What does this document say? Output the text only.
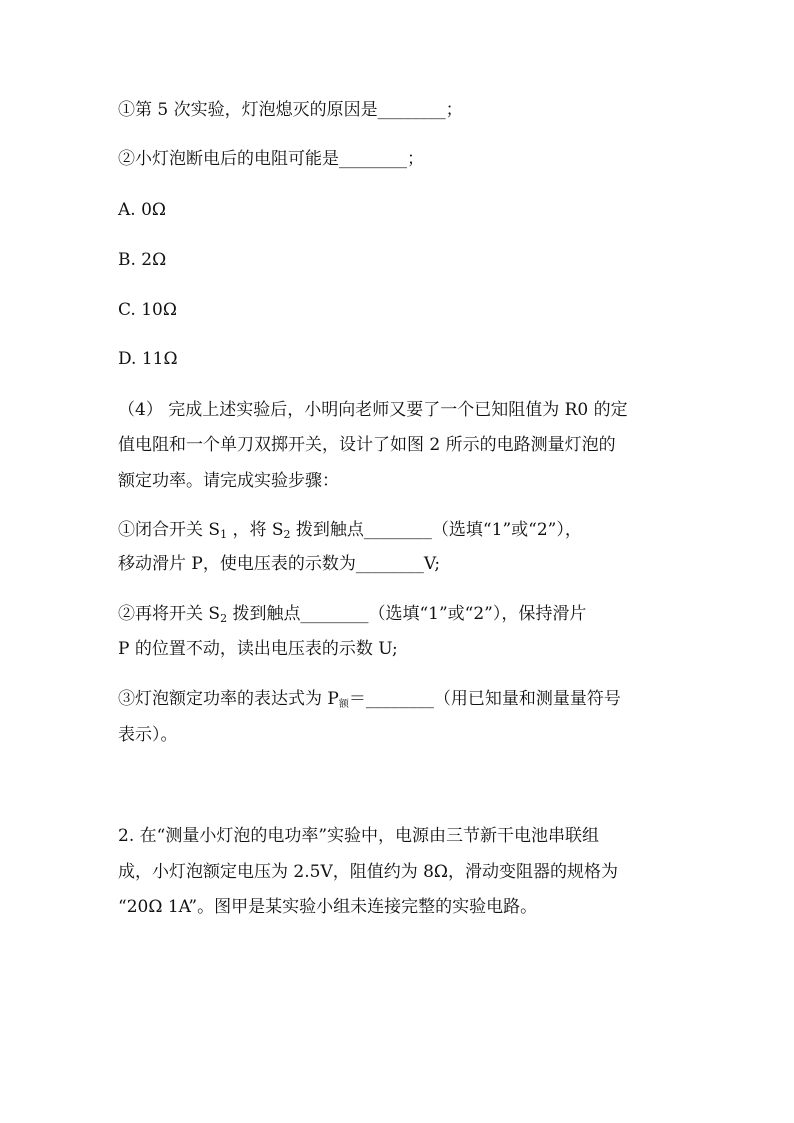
①第 5 次实验，灯泡熄灭的原因是________；

②小灯泡断电后的电阻可能是________；

A. 0Ω

B. 2Ω

C. 10Ω

D. 11Ω

（4） 完成上述实验后，小明向老师又要了一个已知阻值为 R0 的定

值电阻和一个单刀双掷开关，设计了如图 2 所示的电路测量灯泡的

额定功率。请完成实验步骤：

①闭合开关 $S_1$ ，将 $S_2$ 拨到触点________（选填“1”或“2”），

移动滑片 P，使电压表的示数为________V;

②再将开关 $S_2$ 拨到触点________（选填“1”或“2”），保持滑片

P 的位置不动，读出电压表的示数 U;

③灯泡额定功率的表达式为 $P_额=\_\_\_\_\_\_\_\_$（用已知量和测量量符号

表示）。

2. 在“测量小灯泡的电功率”实验中，电源由三节新干电池串联组

成，小灯泡额定电压为 2.5V，阻值约为 8Ω，滑动变阻器的规格为

“20Ω 1A”。图甲是某实验小组未连接完整的实验电路。
